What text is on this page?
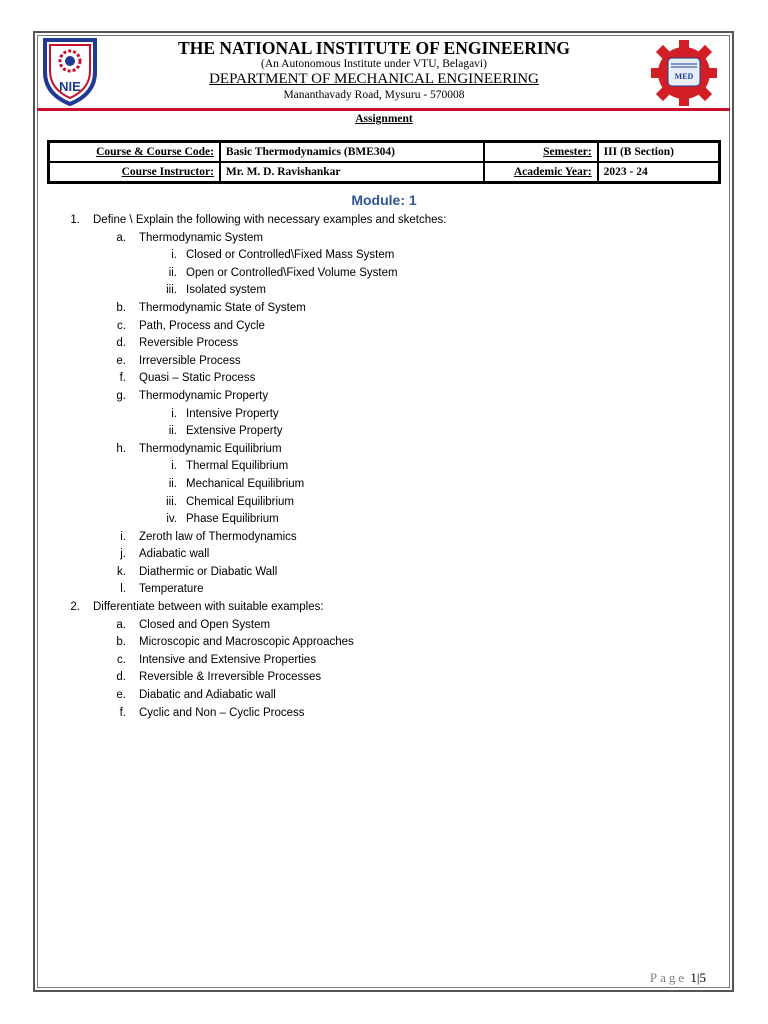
NIE
MED
THE NATIONAL INSTITUTE OF ENGINEERING
(An Autonomous Institute under VTU, Belagavi)
DEPARTMENT OF MECHANICAL ENGINEERING
Mananthavady Road, Mysuru - 570008
Assignment
Course & Course Code:	Basic Thermodynamics (BME304)	Semester:	III (B Section)
Course Instructor:	Mr. M. D. Ravishankar	Academic Year:	2023 - 24
Module: 1
1. Define \ Explain the following with necessary examples and sketches:
a. Thermodynamic System
i. Closed or Controlled\Fixed Mass System
ii. Open or Controlled\Fixed Volume System
iii. Isolated system
b. Thermodynamic State of System
c. Path, Process and Cycle
d. Reversible Process
e. Irreversible Process
f. Quasi – Static Process
g. Thermodynamic Property
i. Intensive Property
ii. Extensive Property
h. Thermodynamic Equilibrium
i. Thermal Equilibrium
ii. Mechanical Equilibrium
iii. Chemical Equilibrium
iv. Phase Equilibrium
i. Zeroth law of Thermodynamics
j. Adiabatic wall
k. Diathermic or Diabatic Wall
l. Temperature
2. Differentiate between with suitable examples:
a. Closed and Open System
b. Microscopic and Macroscopic Approaches
c. Intensive and Extensive Properties
d. Reversible & Irreversible Processes
e. Diabatic and Adiabatic wall
f. Cyclic and Non – Cyclic Process
Page 1|5
